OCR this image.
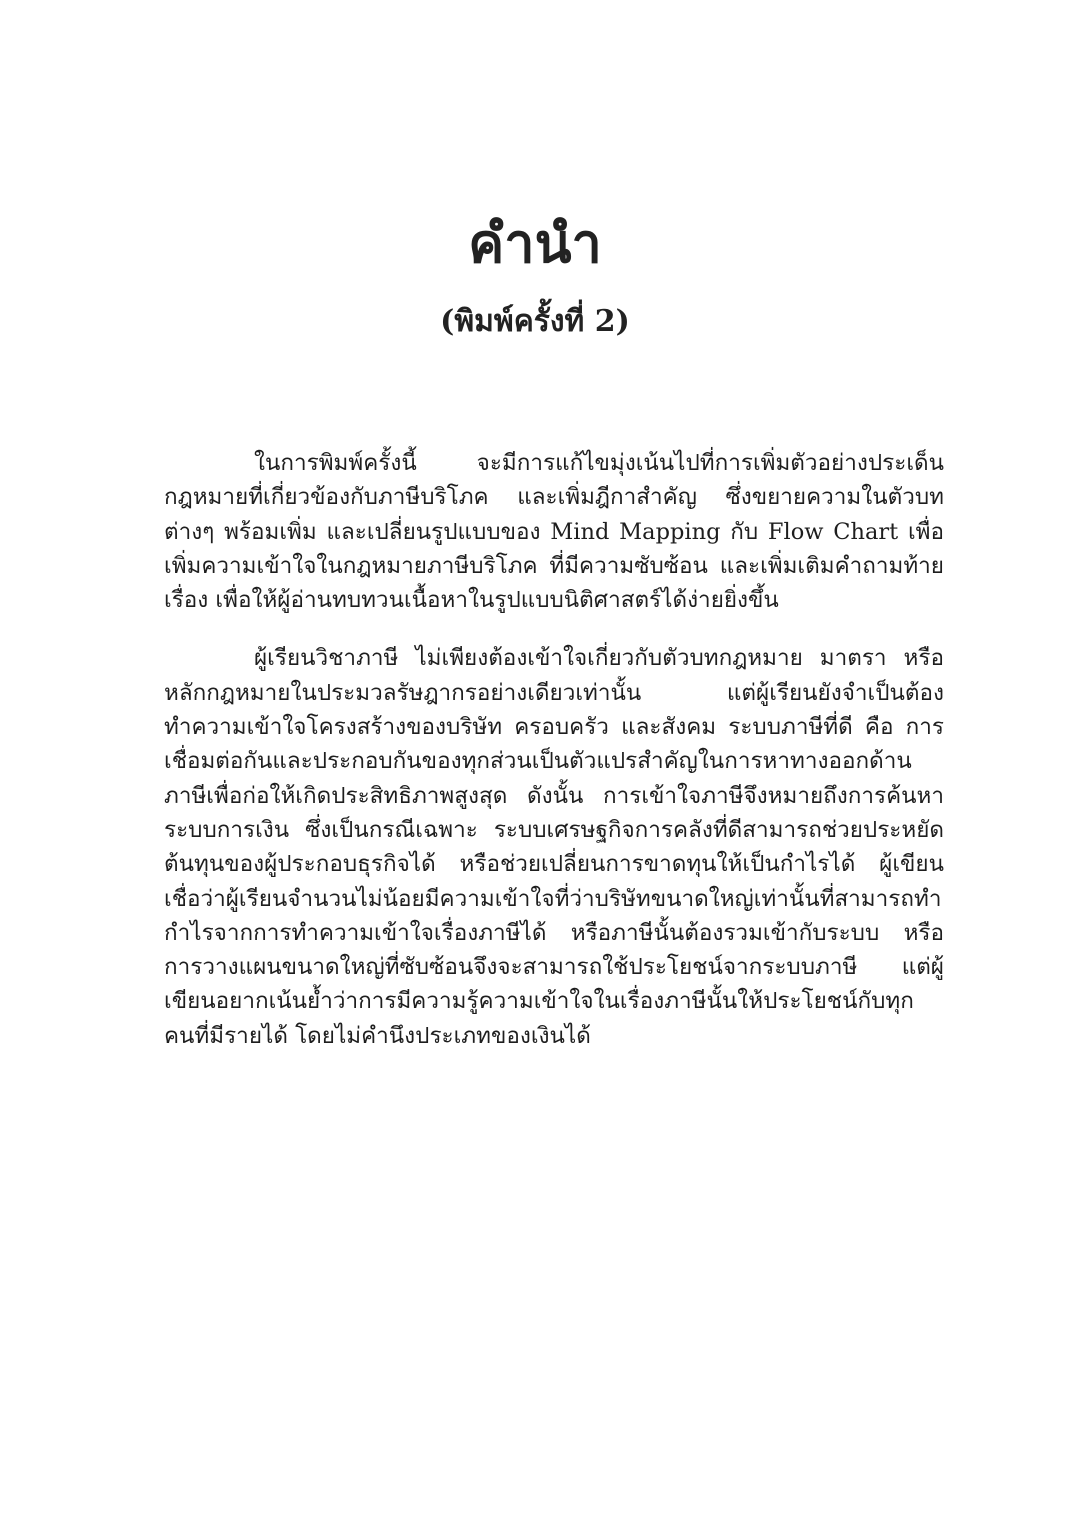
คำนำ
(พิมพ์ครั้งที่ 2)

ในการพิมพ์ครั้งนี้ จะมีการแก้ไขมุ่งเน้นไปที่การเพิ่มตัวอย่างประเด็นกฎหมายที่เกี่ยวข้องกับภาษีบริโภค และเพิ่มฎีกาสำคัญ ซึ่งขยายความในตัวบทต่างๆ พร้อมเพิ่ม และเปลี่ยนรูปแบบของ Mind Mapping กับ Flow Chart เพื่อเพิ่มความเข้าใจในกฎหมายภาษีบริโภค ที่มีความซับซ้อน และเพิ่มเติมคำถามท้ายเรื่อง เพื่อให้ผู้อ่านทบทวนเนื้อหาในรูปแบบนิติศาสตร์ได้ง่ายยิ่งขึ้น

ผู้เรียนวิชาภาษี ไม่เพียงต้องเข้าใจเกี่ยวกับตัวบทกฎหมาย มาตรา หรือหลักกฎหมายในประมวลรัษฎากรอย่างเดียวเท่านั้น แต่ผู้เรียนยังจำเป็นต้องทำความเข้าใจโครงสร้างของบริษัท ครอบครัว และสังคม ระบบภาษีที่ดี คือ การเชื่อมต่อกันและประกอบกันของทุกส่วนเป็นตัวแปรสำคัญในการหาทางออกด้านภาษีเพื่อก่อให้เกิดประสิทธิภาพสูงสุด ดังนั้น การเข้าใจภาษีจึงหมายถึงการค้นหาระบบการเงิน ซึ่งเป็นกรณีเฉพาะ ระบบเศรษฐกิจการคลังที่ดีสามารถช่วยประหยัดต้นทุนของผู้ประกอบธุรกิจได้ หรือช่วยเปลี่ยนการขาดทุนให้เป็นกำไรได้ ผู้เขียนเชื่อว่าผู้เรียนจำนวนไม่น้อยมีความเข้าใจที่ว่าบริษัทขนาดใหญ่เท่านั้นที่สามารถทำกำไรจากการทำความเข้าใจเรื่องภาษีได้ หรือภาษีนั้นต้องรวมเข้ากับระบบ หรือการวางแผนขนาดใหญ่ที่ซับซ้อนจึงจะสามารถใช้ประโยชน์จากระบบภาษี แต่ผู้เขียนอยากเน้นย้ำว่าการมีความรู้ความเข้าใจในเรื่องภาษีนั้นให้ประโยชน์กับทุกคนที่มีรายได้ โดยไม่คำนึงประเภทของเงินได้
